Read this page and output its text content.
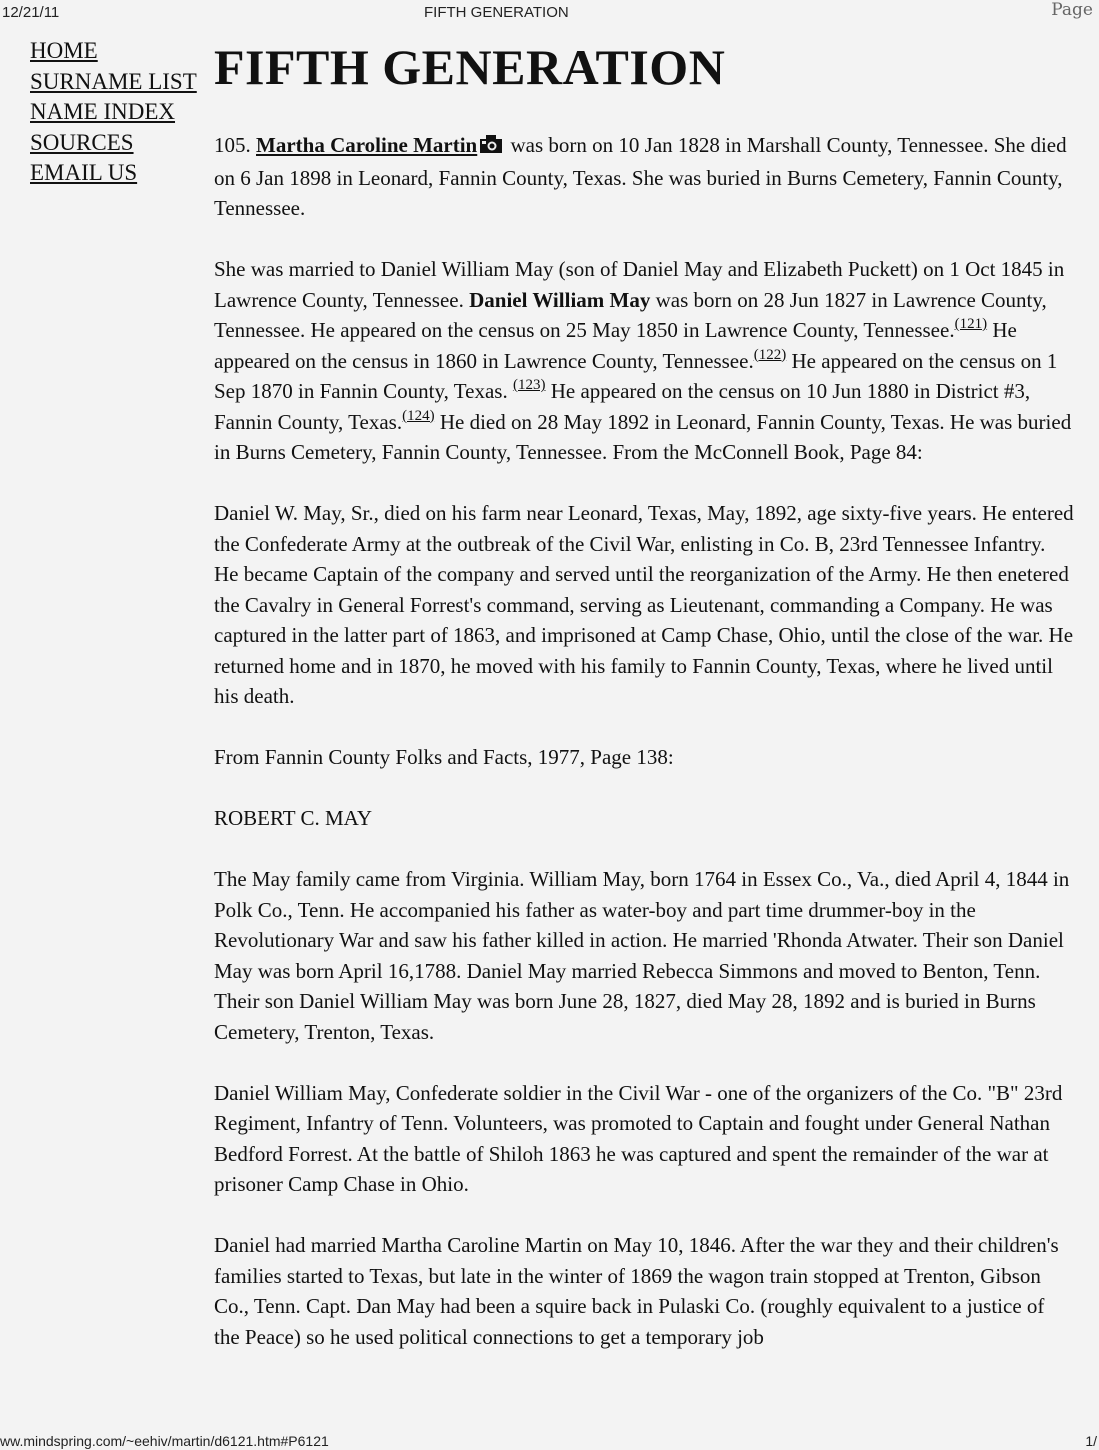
12/21/11	FIFTH GENERATION	Page
HOME
SURNAME LIST
NAME INDEX
SOURCES
EMAIL US
FIFTH GENERATION

105. Martha Caroline Martin was born on 10 Jan 1828 in Marshall County, Tennessee. She died on 6 Jan 1898 in Leonard, Fannin County, Texas. She was buried in Burns Cemetery, Fannin County, Tennessee.

She was married to Daniel William May (son of Daniel May and Elizabeth Puckett) on 1 Oct 1845 in Lawrence County, Tennessee. Daniel William May was born on 28 Jun 1827 in Lawrence County, Tennessee. He appeared on the census on 25 May 1850 in Lawrence County, Tennessee.$^{(121)}$ He appeared on the census in 1860 in Lawrence County, Tennessee.$^{(122)}$ He appeared on the census on 1 Sep 1870 in Fannin County, Texas. $^{(123)}$ He appeared on the census on 10 Jun 1880 in District #3, Fannin County, Texas.$^{(124)}$ He died on 28 May 1892 in Leonard, Fannin County, Texas. He was buried in Burns Cemetery, Fannin County, Tennessee. From the McConnell Book, Page 84:

Daniel W. May, Sr., died on his farm near Leonard, Texas, May, 1892, age sixty-five years. He entered the Confederate Army at the outbreak of the Civil War, enlisting in Co. B, 23rd Tennessee Infantry. He became Captain of the company and served until the reorganization of the Army. He then enetered the Cavalry in General Forrest's command, serving as Lieutenant, commanding a Company. He was captured in the latter part of 1863, and imprisoned at Camp Chase, Ohio, until the close of the war. He returned home and in 1870, he moved with his family to Fannin County, Texas, where he lived until his death.

From Fannin County Folks and Facts, 1977, Page 138:

ROBERT C. MAY

The May family came from Virginia. William May, born 1764 in Essex Co., Va., died April 4, 1844 in Polk Co., Tenn. He accompanied his father as water-boy and part time drummer-boy in the Revolutionary War and saw his father killed in action. He married 'Rhonda Atwater. Their son Daniel May was born April 16,1788. Daniel May married Rebecca Simmons and moved to Benton, Tenn. Their son Daniel William May was born June 28, 1827, died May 28, 1892 and is buried in Burns Cemetery, Trenton, Texas.

Daniel William May, Confederate soldier in the Civil War - one of the organizers of the Co. "B" 23rd Regiment, Infantry of Tenn. Volunteers, was promoted to Captain and fought under General Nathan Bedford Forrest. At the battle of Shiloh 1863 he was captured and spent the remainder of the war at prisoner Camp Chase in Ohio.

Daniel had married Martha Caroline Martin on May 10, 1846. After the war they and their children's families started to Texas, but late in the winter of 1869 the wagon train stopped at Trenton, Gibson Co., Tenn. Capt. Dan May had been a squire back in Pulaski Co. (roughly equivalent to a justice of the Peace) so he used political connections to get a temporary job

ww.mindspring.com/~eehiv/martin/d6121.htm#P6121	1/
